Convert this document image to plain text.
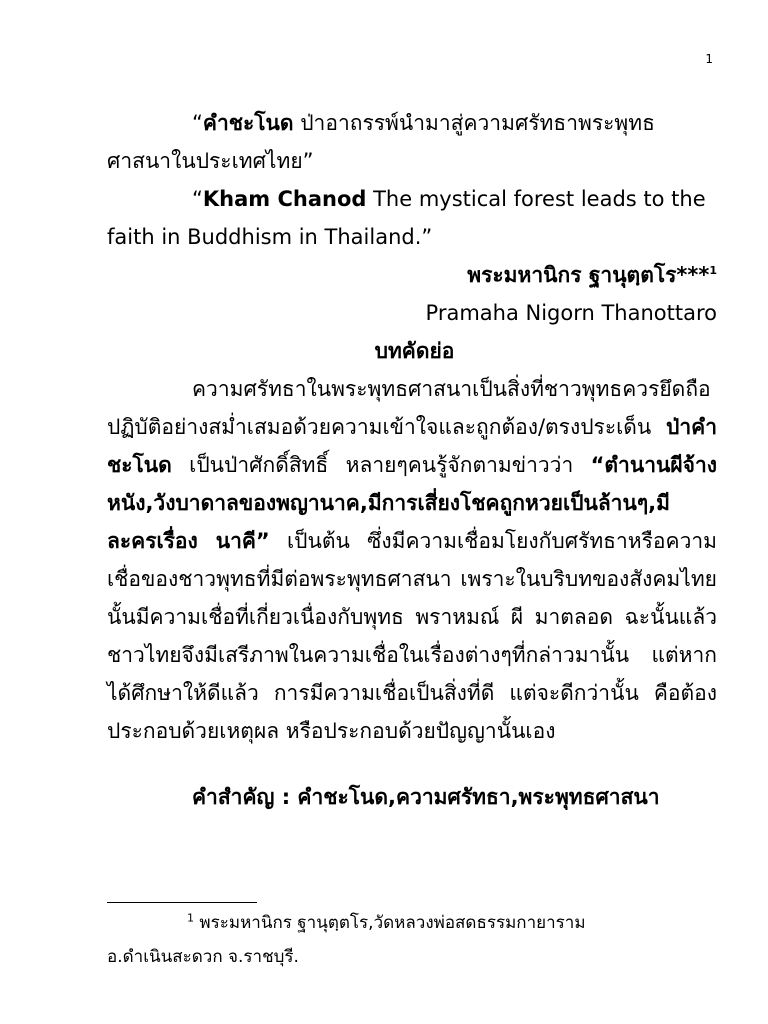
1

“คำชะโนด ป่าอาถรรพ์นำมาสู่ความศรัทธาพระพุทธศาสนาในประเทศไทย”

“Kham Chanod The mystical forest leads to the faith in Buddhism in Thailand.”

พระมหานิกร ฐานุตฺตโร***$^1$

Pramaha Nigorn Thanottaro

บทคัดย่อ

ความศรัทธาในพระพุทธศาสนาเป็นสิ่งที่ชาวพุทธควรยึดถือปฏิบัติอย่างสม่ำเสมอด้วยความเข้าใจและถูกต้อง/ตรงประเด็น ป่าคำชะโนด เป็นป่าศักดิ์สิทธิ์ หลายๆคนรู้จักตามข่าวว่า “ตำนานผีจ้างหนัง,วังบาดาลของพญานาค,มีการเสี่ยงโชคถูกหวยเป็นล้านๆ,มีละครเรื่อง นาคี” เป็นต้น ซึ่งมีความเชื่อมโยงกับศรัทธาหรือความเชื่อของชาวพุทธที่มีต่อพระพุทธศาสนา เพราะในบริบทของสังคมไทยนั้นมีความเชื่อที่เกี่ยวเนื่องกับพุทธ พราหมณ์ ผี มาตลอด ฉะนั้นแล้วชาวไทยจึงมีเสรีภาพในความเชื่อในเรื่องต่างๆที่กล่าวมานั้น แต่หากได้ศึกษาให้ดีแล้ว การมีความเชื่อเป็นสิ่งที่ดี แต่จะดีกว่านั้น คือต้องประกอบด้วยเหตุผล หรือประกอบด้วยปัญญานั้นเอง

คำสำคัญ : คำชะโนด,ความศรัทธา,พระพุทธศาสนา

$^1$ พระมหานิกร ฐานุตฺตโร,วัดหลวงพ่อสดธรรมกายาราม

อ.ดำเนินสะดวก จ.ราชบุรี.
